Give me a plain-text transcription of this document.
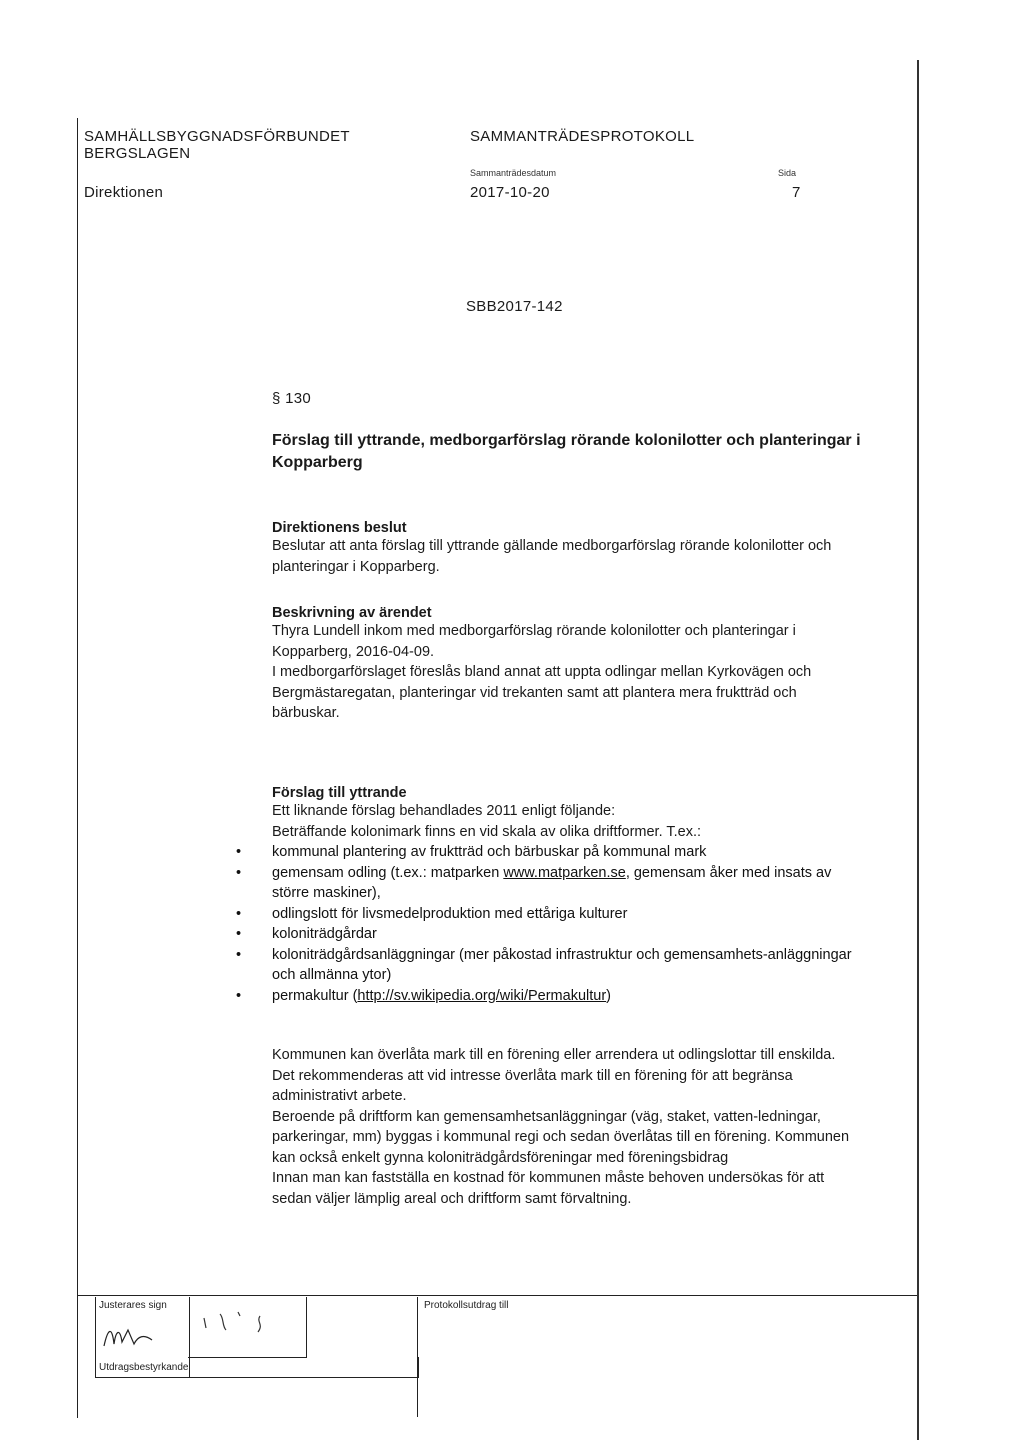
SAMHÄLLSBYGGNADSFÖRBUNDET
BERGSLAGEN
Direktionen
SAMMANTRÄDESPROTOKOLL
Sammanträdesdatum
2017-10-20
Sida
7
SBB2017-142
§ 130
Förslag till yttrande, medborgarförslag rörande kolonilotter och planteringar i Kopparberg
Direktionens beslut
Beslutar att anta förslag till yttrande gällande medborgarförslag rörande kolonilotter och planteringar i Kopparberg.
Beskrivning av ärendet
Thyra Lundell inkom med medborgarförslag rörande kolonilotter och planteringar i Kopparberg, 2016-04-09.
I medborgarförslaget föreslås bland annat att uppta odlingar mellan Kyrkovägen och Bergmästaregatan, planteringar vid trekanten samt att plantera mera fruktträd och bärbuskar.
Förslag till yttrande
Ett liknande förslag behandlades 2011 enligt följande:
Beträffande kolonimark finns en vid skala av olika driftformer. T.ex.:
• kommunal plantering av fruktträd och bärbuskar på kommunal mark
• gemensam odling (t.ex.: matparken www.matparken.se, gemensam åker med insats av större maskiner),
• odlingslott för livsmedelproduktion med ettåriga kulturer
• koloniträdgårdar
• koloniträdgårdsanläggningar (mer påkostad infrastruktur och gemensamhets-anläggningar och allmänna ytor)
• permakultur (http://sv.wikipedia.org/wiki/Permakultur)
Kommunen kan överlåta mark till en förening eller arrendera ut odlingslottar till enskilda.
Det rekommenderas att vid intresse överlåta mark till en förening för att begränsa administrativt arbete.
Beroende på driftform kan gemensamhetsanläggningar (väg, staket, vatten-ledningar, parkeringar, mm) byggas i kommunal regi och sedan överlåtas till en förening. Kommunen kan också enkelt gynna koloniträdgårdsföreningar med föreningsbidrag
Innan man kan fastställa en kostnad för kommunen måste behoven undersökas för att sedan väljer lämplig areal och driftform samt förvaltning.
Justerares sign
Utdragsbestyrkande
Protokollsutdrag till
